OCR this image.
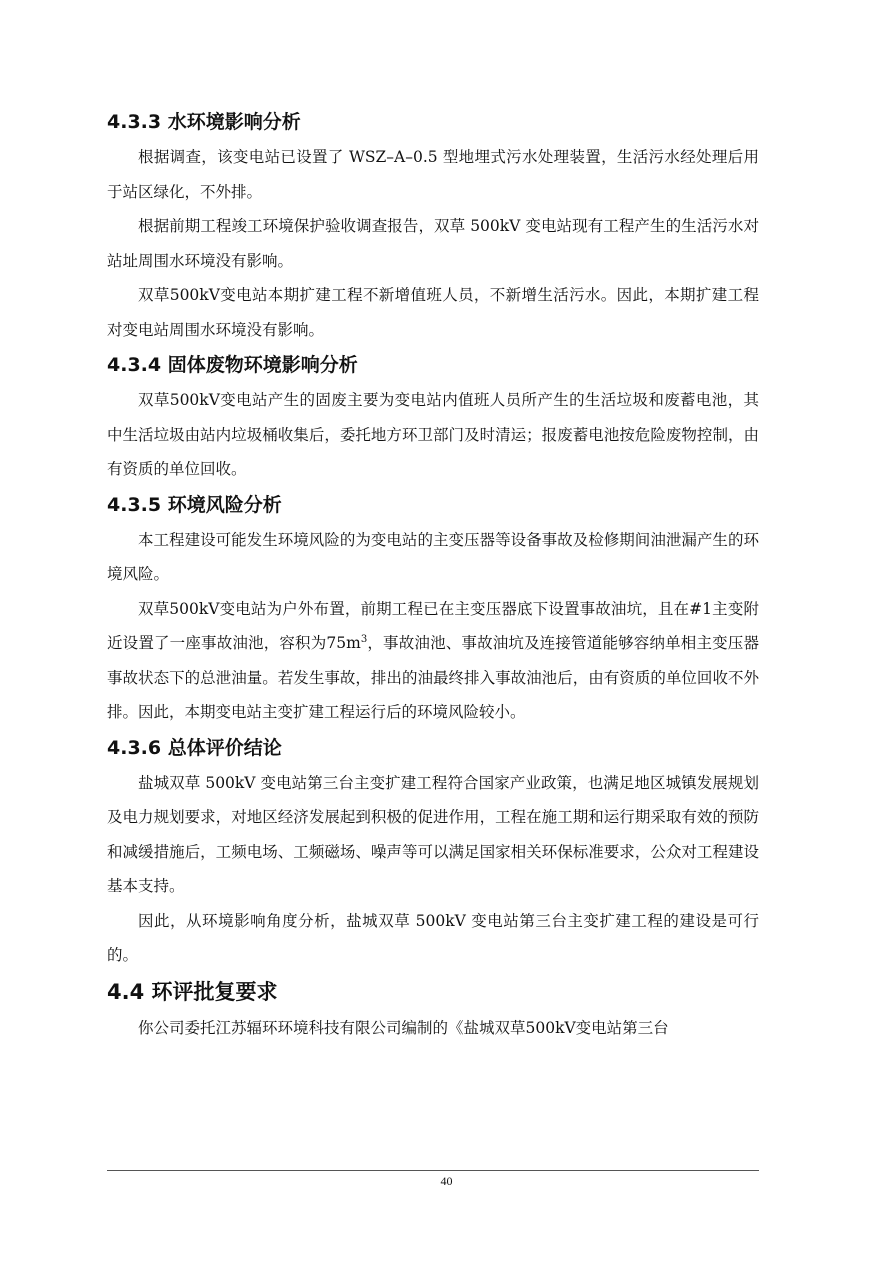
4.3.3 水环境影响分析

根据调查，该变电站已设置了 WSZ–A–0.5 型地埋式污水处理装置，生活污水经处理后用于站区绿化，不外排。

根据前期工程竣工环境保护验收调查报告，双草 500kV 变电站现有工程产生的生活污水对站址周围水环境没有影响。

双草500kV变电站本期扩建工程不新增值班人员，不新增生活污水。因此，本期扩建工程对变电站周围水环境没有影响。

4.3.4 固体废物环境影响分析

双草500kV变电站产生的固废主要为变电站内值班人员所产生的生活垃圾和废蓄电池，其中生活垃圾由站内垃圾桶收集后，委托地方环卫部门及时清运；报废蓄电池按危险废物控制，由有资质的单位回收。

4.3.5 环境风险分析

本工程建设可能发生环境风险的为变电站的主变压器等设备事故及检修期间油泄漏产生的环境风险。

双草500kV变电站为户外布置，前期工程已在主变压器底下设置事故油坑，且在#1主变附近设置了一座事故油池，容积为$75m^3$，事故油池、事故油坑及连接管道能够容纳单相主变压器事故状态下的总泄油量。若发生事故，排出的油最终排入事故油池后，由有资质的单位回收不外排。因此，本期变电站主变扩建工程运行后的环境风险较小。

4.3.6 总体评价结论

盐城双草 500kV 变电站第三台主变扩建工程符合国家产业政策，也满足地区城镇发展规划及电力规划要求，对地区经济发展起到积极的促进作用，工程在施工期和运行期采取有效的预防和减缓措施后，工频电场、工频磁场、噪声等可以满足国家相关环保标准要求，公众对工程建设基本支持。

因此，从环境影响角度分析，盐城双草 500kV 变电站第三台主变扩建工程的建设是可行的。

4.4 环评批复要求

你公司委托江苏辐环环境科技有限公司编制的《盐城双草500kV变电站第三台

40
